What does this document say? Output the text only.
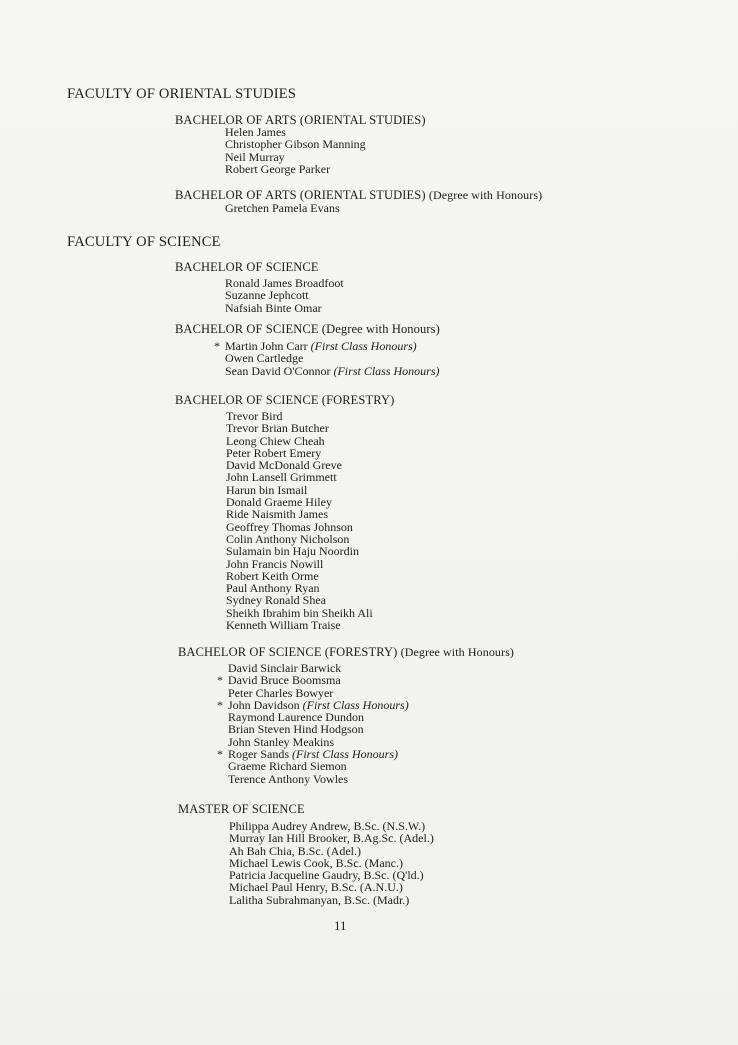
FACULTY OF ORIENTAL STUDIES
BACHELOR OF ARTS (ORIENTAL STUDIES)
Helen James
Christopher Gibson Manning
Neil Murray
Robert George Parker
BACHELOR OF ARTS (ORIENTAL STUDIES) (Degree with Honours)
Gretchen Pamela Evans
FACULTY OF SCIENCE
BACHELOR OF SCIENCE
Ronald James Broadfoot
Suzanne Jephcott
Nafsiah Binte Omar
BACHELOR OF SCIENCE (Degree with Honours)
* Martin John Carr (First Class Honours)
Owen Cartledge
Sean David O'Connor (First Class Honours)
BACHELOR OF SCIENCE (FORESTRY)
Trevor Bird
Trevor Brian Butcher
Leong Chiew Cheah
Peter Robert Emery
David McDonald Greve
John Lansell Grimmett
Harun bin Ismail
Donald Graeme Hiley
Ride Naismith James
Geoffrey Thomas Johnson
Colin Anthony Nicholson
Sulamain bin Haju Noordin
John Francis Nowill
Robert Keith Orme
Paul Anthony Ryan
Sydney Ronald Shea
Sheikh Ibrahim bin Sheikh Ali
Kenneth William Traise
BACHELOR OF SCIENCE (FORESTRY) (Degree with Honours)
David Sinclair Barwick
* David Bruce Boomsma
Peter Charles Bowyer
* John Davidson (First Class Honours)
Raymond Laurence Dundon
Brian Steven Hind Hodgson
John Stanley Meakins
* Roger Sands (First Class Honours)
Graeme Richard Siemon
Terence Anthony Vowles
MASTER OF SCIENCE
Philippa Audrey Andrew, B.Sc. (N.S.W.)
Murray Ian Hill Brooker, B.Ag.Sc. (Adel.)
Ah Bah Chia, B.Sc. (Adel.)
Michael Lewis Cook, B.Sc. (Manc.)
Patricia Jacqueline Gaudry, B.Sc. (Q'ld.)
Michael Paul Henry, B.Sc. (A.N.U.)
Lalitha Subrahmanyan, B.Sc. (Madr.)
11
